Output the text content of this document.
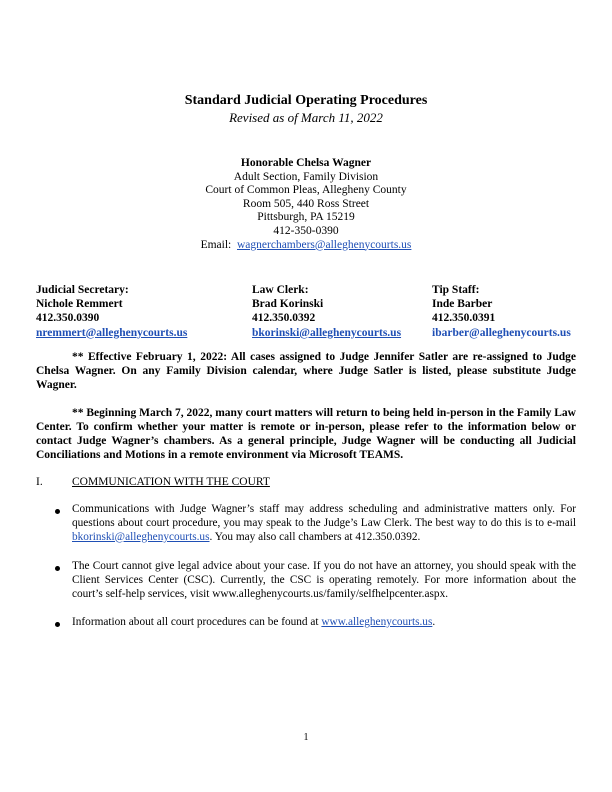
Standard Judicial Operating Procedures
Revised as of March 11, 2022
Honorable Chelsa Wagner
Adult Section, Family Division
Court of Common Pleas, Allegheny County
Room 505, 440 Ross Street
Pittsburgh, PA 15219
412-350-0390
Email: wagnerchambers@alleghenycourts.us
Judicial Secretary:
Nichole Remmert
412.350.0390
nremmert@alleghenycourts.us
Law Clerk:
Brad Korinski
412.350.0392
bkorinski@alleghenycourts.us
Tip Staff:
Inde Barber
412.350.0391
ibarber@alleghenycourts.us
** Effective February 1, 2022: All cases assigned to Judge Jennifer Satler are re-assigned to Judge Chelsa Wagner. On any Family Division calendar, where Judge Satler is listed, please substitute Judge Wagner.
** Beginning March 7, 2022, many court matters will return to being held in-person in the Family Law Center. To confirm whether your matter is remote or in-person, please refer to the information below or contact Judge Wagner’s chambers. As a general principle, Judge Wagner will be conducting all Judicial Conciliations and Motions in a remote environment via Microsoft TEAMS.
I.	COMMUNICATION WITH THE COURT
Communications with Judge Wagner’s staff may address scheduling and administrative matters only. For questions about court procedure, you may speak to the Judge’s Law Clerk. The best way to do this is to e-mail bkorinski@alleghenycourts.us. You may also call chambers at 412.350.0392.
The Court cannot give legal advice about your case. If you do not have an attorney, you should speak with the Client Services Center (CSC). Currently, the CSC is operating remotely. For more information about the court’s self-help services, visit www.alleghenycourts.us/family/selfhelpcenter.aspx.
Information about all court procedures can be found at www.alleghenycourts.us.
1
